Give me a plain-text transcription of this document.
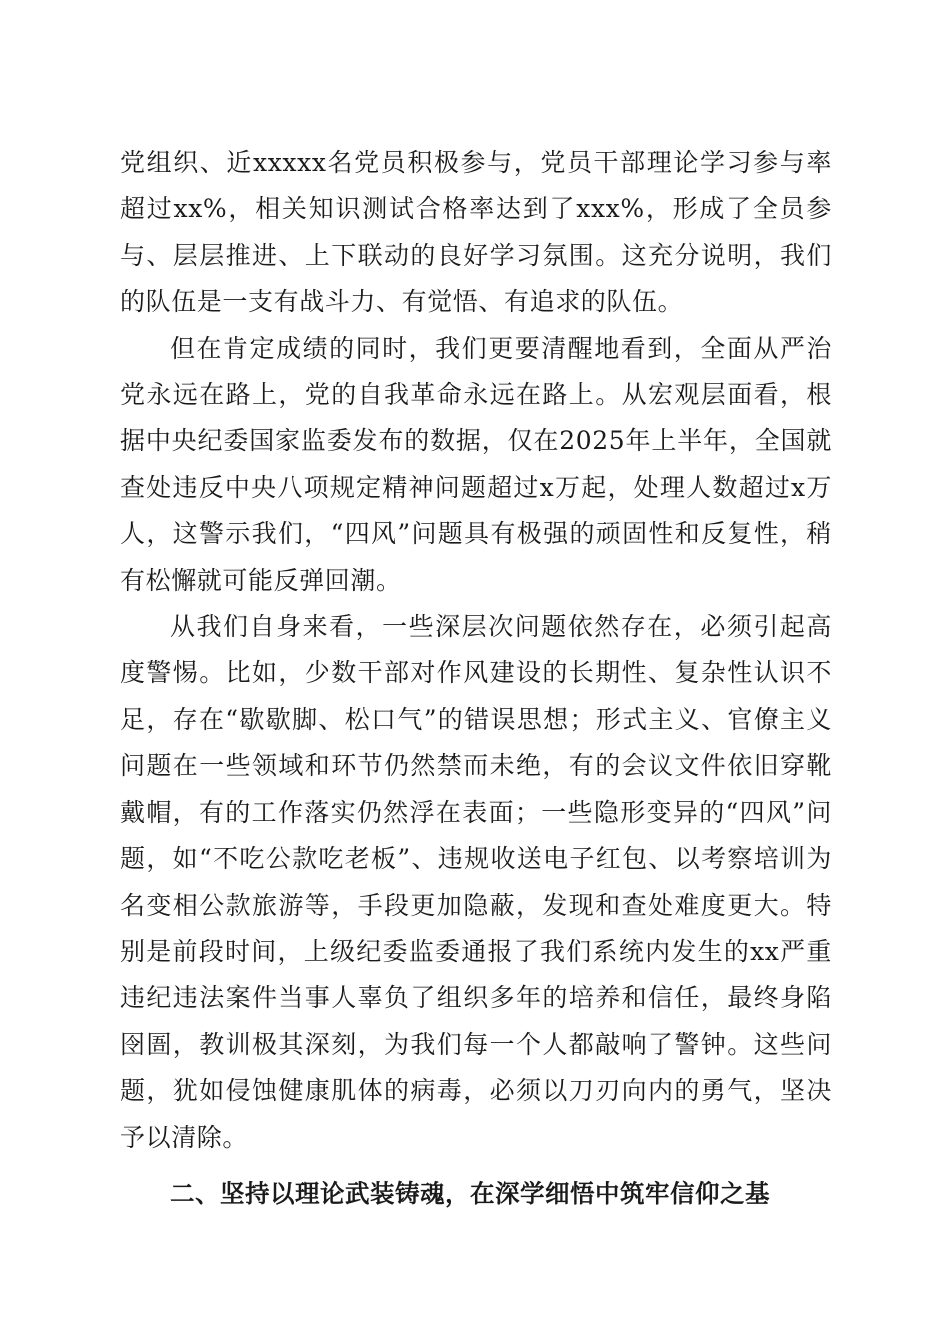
党组织、近xxxxx名党员积极参与，党员干部理论学习参与率超过xx%，相关知识测试合格率达到了xxx%，形成了全员参与、层层推进、上下联动的良好学习氛围。这充分说明，我们的队伍是一支有战斗力、有觉悟、有追求的队伍。

但在肯定成绩的同时，我们更要清醒地看到，全面从严治党永远在路上，党的自我革命永远在路上。从宏观层面看，根据中央纪委国家监委发布的数据，仅在2025年上半年，全国就查处违反中央八项规定精神问题超过x万起，处理人数超过x万人，这警示我们，“四风”问题具有极强的顽固性和反复性，稍有松懈就可能反弹回潮。

从我们自身来看，一些深层次问题依然存在，必须引起高度警惕。比如，少数干部对作风建设的长期性、复杂性认识不足，存在“歇歇脚、松口气”的错误思想；形式主义、官僚主义问题在一些领域和环节仍然禁而未绝，有的会议文件依旧穿靴戴帽，有的工作落实仍然浮在表面；一些隐形变异的“四风”问题，如“不吃公款吃老板”、违规收送电子红包、以考察培训为名变相公款旅游等，手段更加隐蔽，发现和查处难度更大。特别是前段时间，上级纪委监委通报了我们系统内发生的xx严重违纪违法案件当事人辜负了组织多年的培养和信任，最终身陷囹圄，教训极其深刻，为我们每一个人都敲响了警钟。这些问题，犹如侵蚀健康肌体的病毒，必须以刀刃向内的勇气，坚决予以清除。

二、坚持以理论武装铸魂，在深学细悟中筑牢信仰之基
